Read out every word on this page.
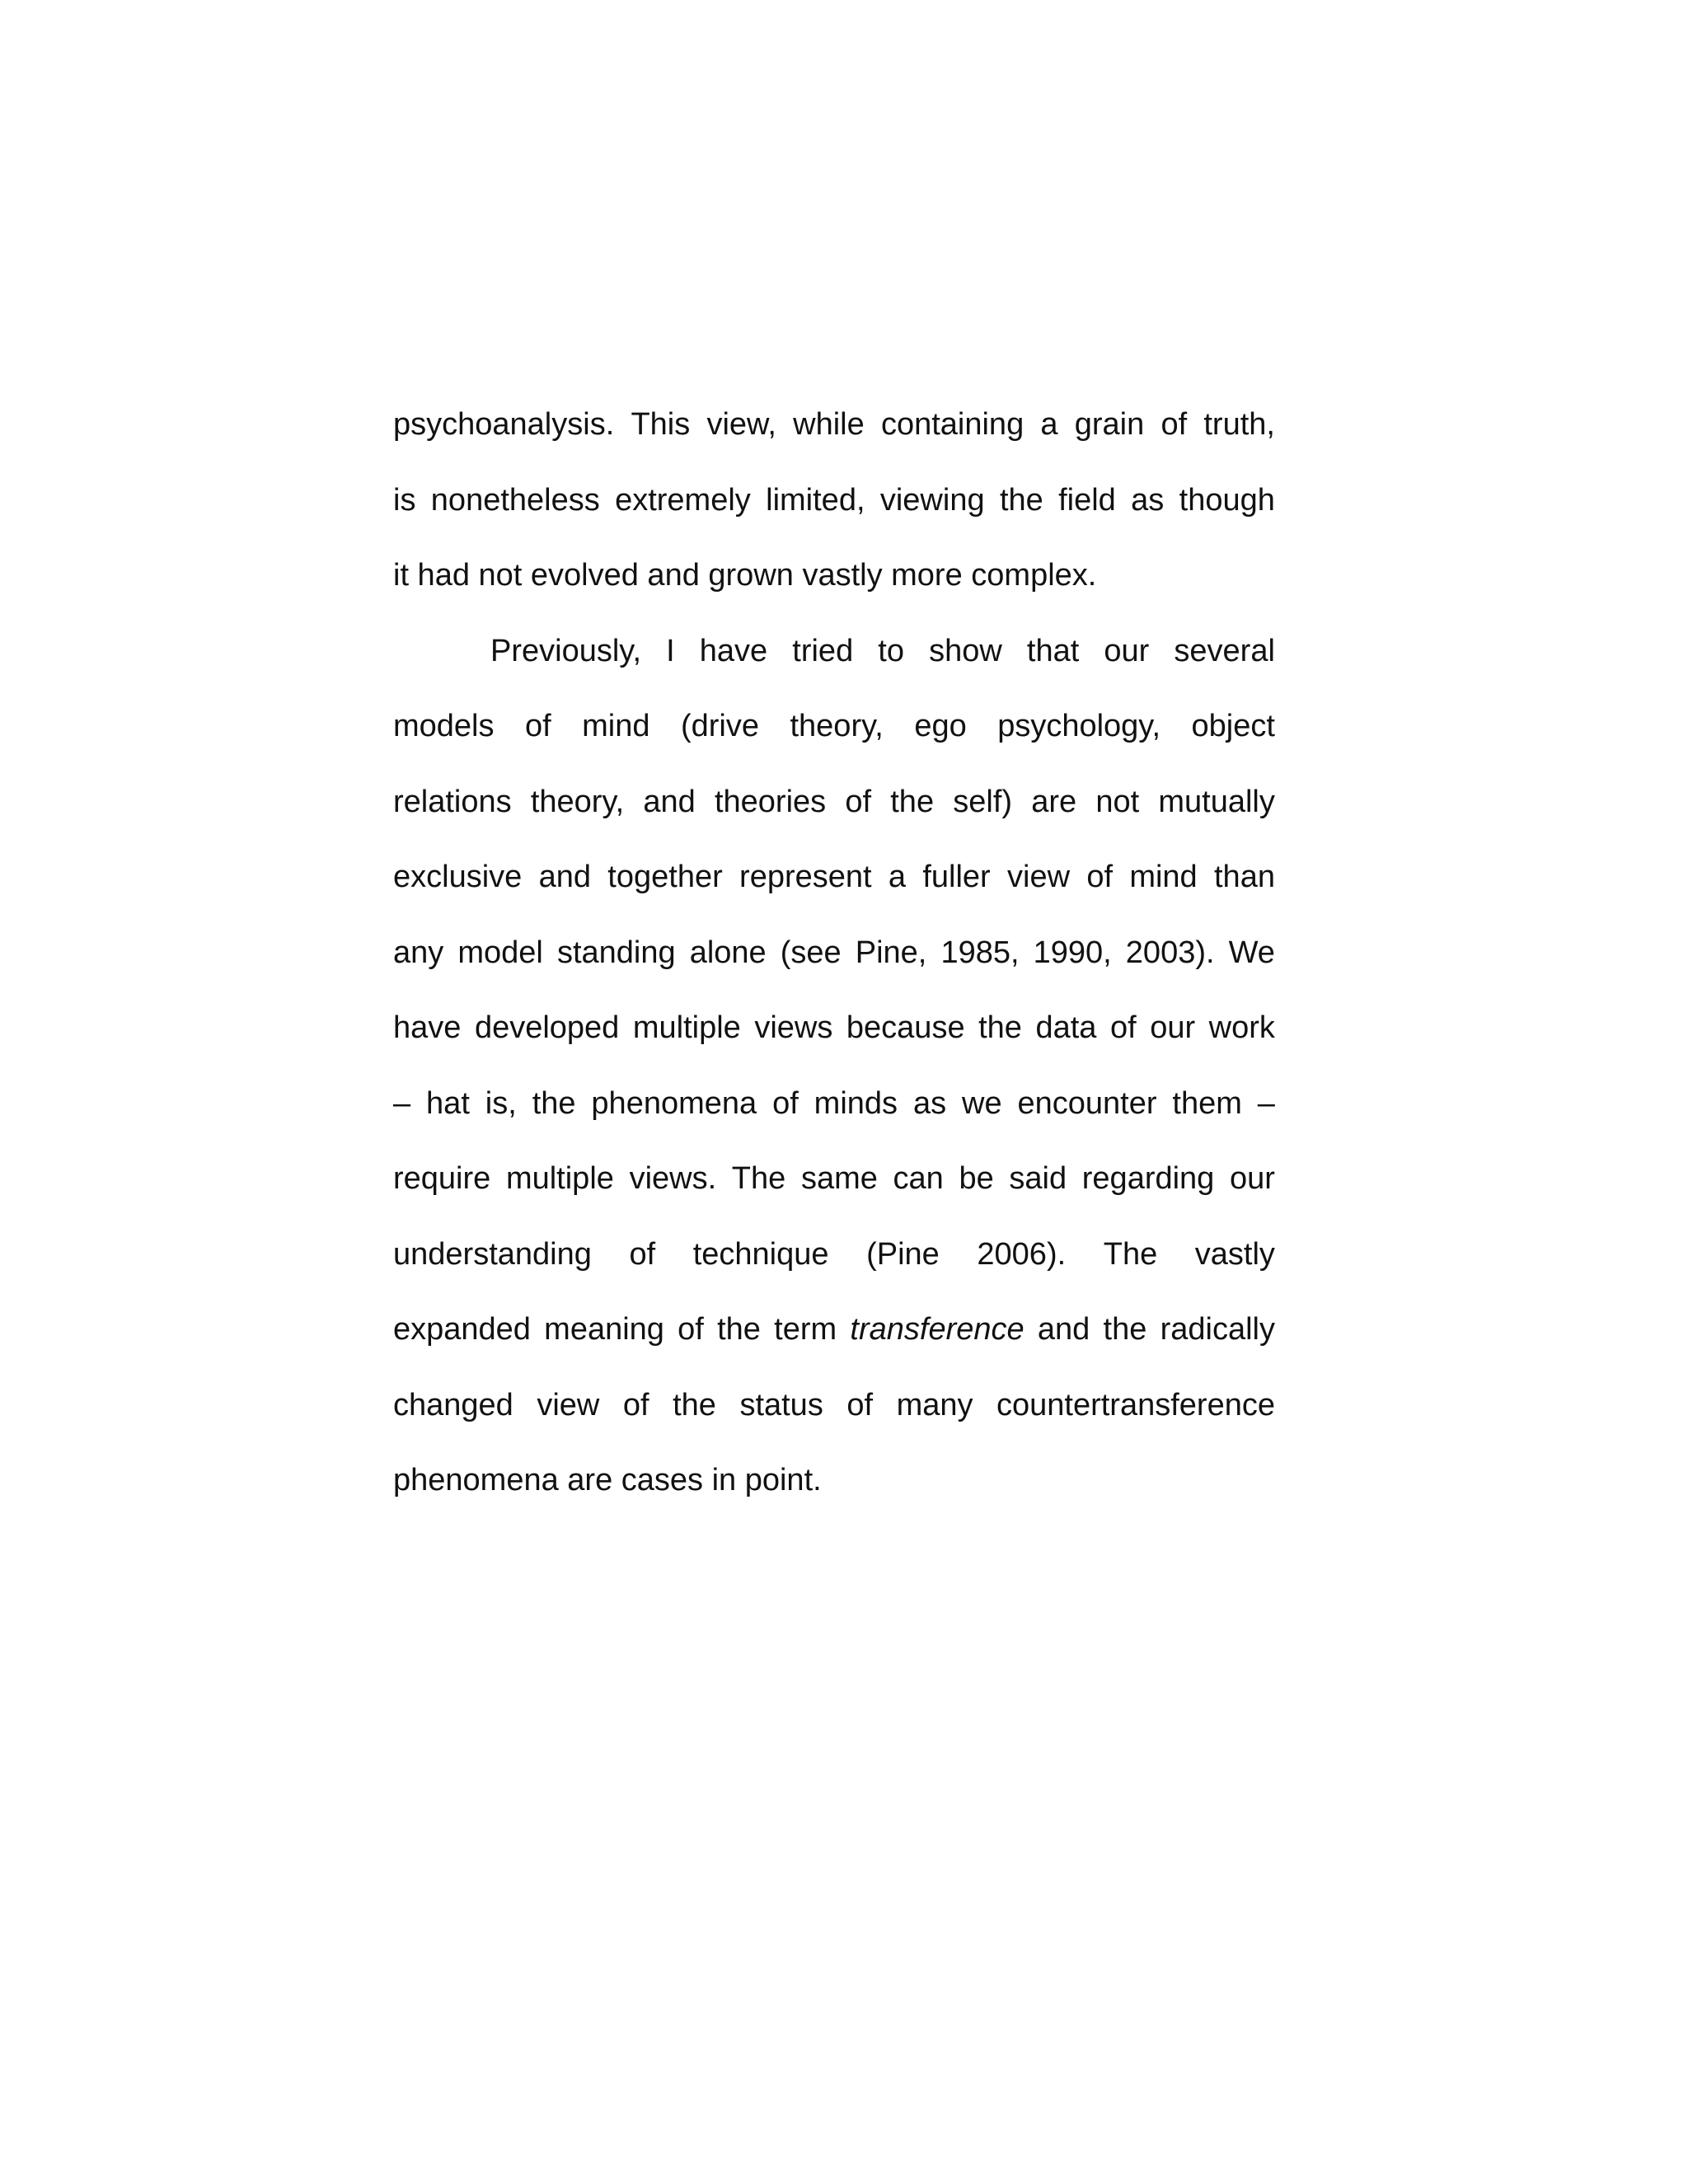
psychoanalysis. This view, while containing a grain of truth,
is nonetheless extremely limited, viewing the field as though
it had not evolved and grown vastly more complex.
Previously, I have tried to show that our several
models of mind (drive theory, ego psychology, object
relations theory, and theories of the self) are not mutually
exclusive and together represent a fuller view of mind than
any model standing alone (see Pine, 1985, 1990, 2003). We
have developed multiple views because the data of our work
– hat is, the phenomena of minds as we encounter them –
require multiple views. The same can be said regarding our
understanding of technique (Pine 2006). The vastly
expanded meaning of the term transference and the radically
changed view of the status of many countertransference
phenomena are cases in point.
